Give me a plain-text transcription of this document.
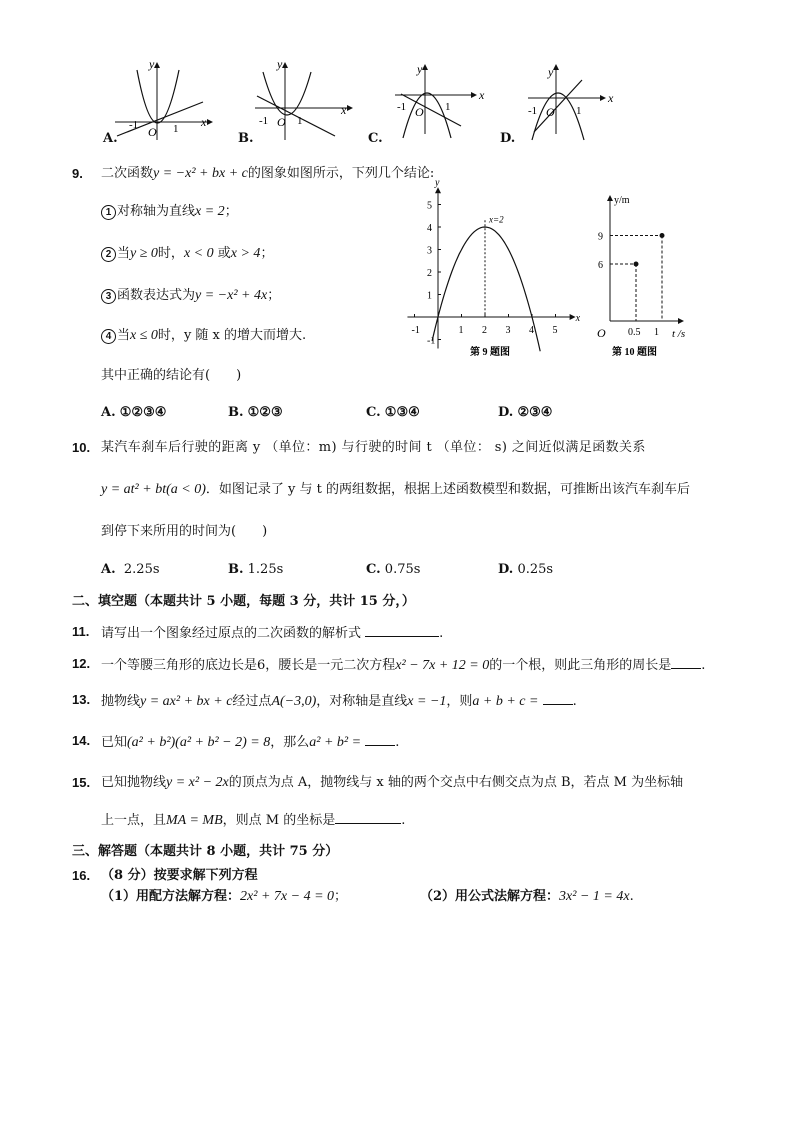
x
y
-1	1
O
A.
x
y
-1	1
O
B.
x
y
-1	1
O
C.
x
y
-1	1
O
D.
9. 二次函数y = −x² + bx + c的图象如图所示，下列几个结论:
1 对称轴为直线x = 2；
2 当y ≥ 0时，x < 0 或x > 4；
3 函数表达式为y = −x² + 4x；
4 当x ≤ 0时，y 随 x 的增大而增大.
其中正确的结论有(　　)
A. ①②③④	B. ①②③	C. ①③④	D. ②③④
x
y
-1	1 2 3 4 5
-1
1
2
3
4
5
x=2
第 9 题图
y/m
t /s
O 0.5
6
1
9
第 10 题图
10. 某汽车刹车后行驶的距离 y （单位：m) 与行驶的时间 t （单位： s) 之间近似满足函数关系
y = at² + bt(a < 0)．如图记录了 y 与 t 的两组数据，根据上述函数模型和数据，可推断出该汽车刹车后
到停下来所用的时间为(　　)
A. 2.25s	B. 1.25s	C. 0.75s	D. 0.25s
二、填空题（本题共计 5 小题，每题 3 分，共计 15 分，）
11. 请写出一个图象经过原点的二次函数的解析式	.
12. 一个等腰三角形的底边长是6，腰长是一元二次方程x² − 7x + 12 = 0的一个根，则此三角形的周长是 .
13. 抛物线y = ax² + bx + c经过点A(−3,0)，对称轴是直线x = −1，则a + b + c =	.
14. 已知(a² + b²)(a² + b² − 2) = 8，那么a² + b² =	.
15. 已知抛物线y = x² − 2x的顶点为点 A，抛物线与 x 轴的两个交点中右侧交点为点 B，若点 M 为坐标轴
上一点，且MA = MB，则点 M 的坐标是	.
三、解答题（本题共计 8 小题，共计 75 分）
16. （8 分）按要求解下列方程
（1）用配方法解方程：2x² + 7x − 4 = 0；	（2）用公式法解方程：3x² − 1 = 4x.
